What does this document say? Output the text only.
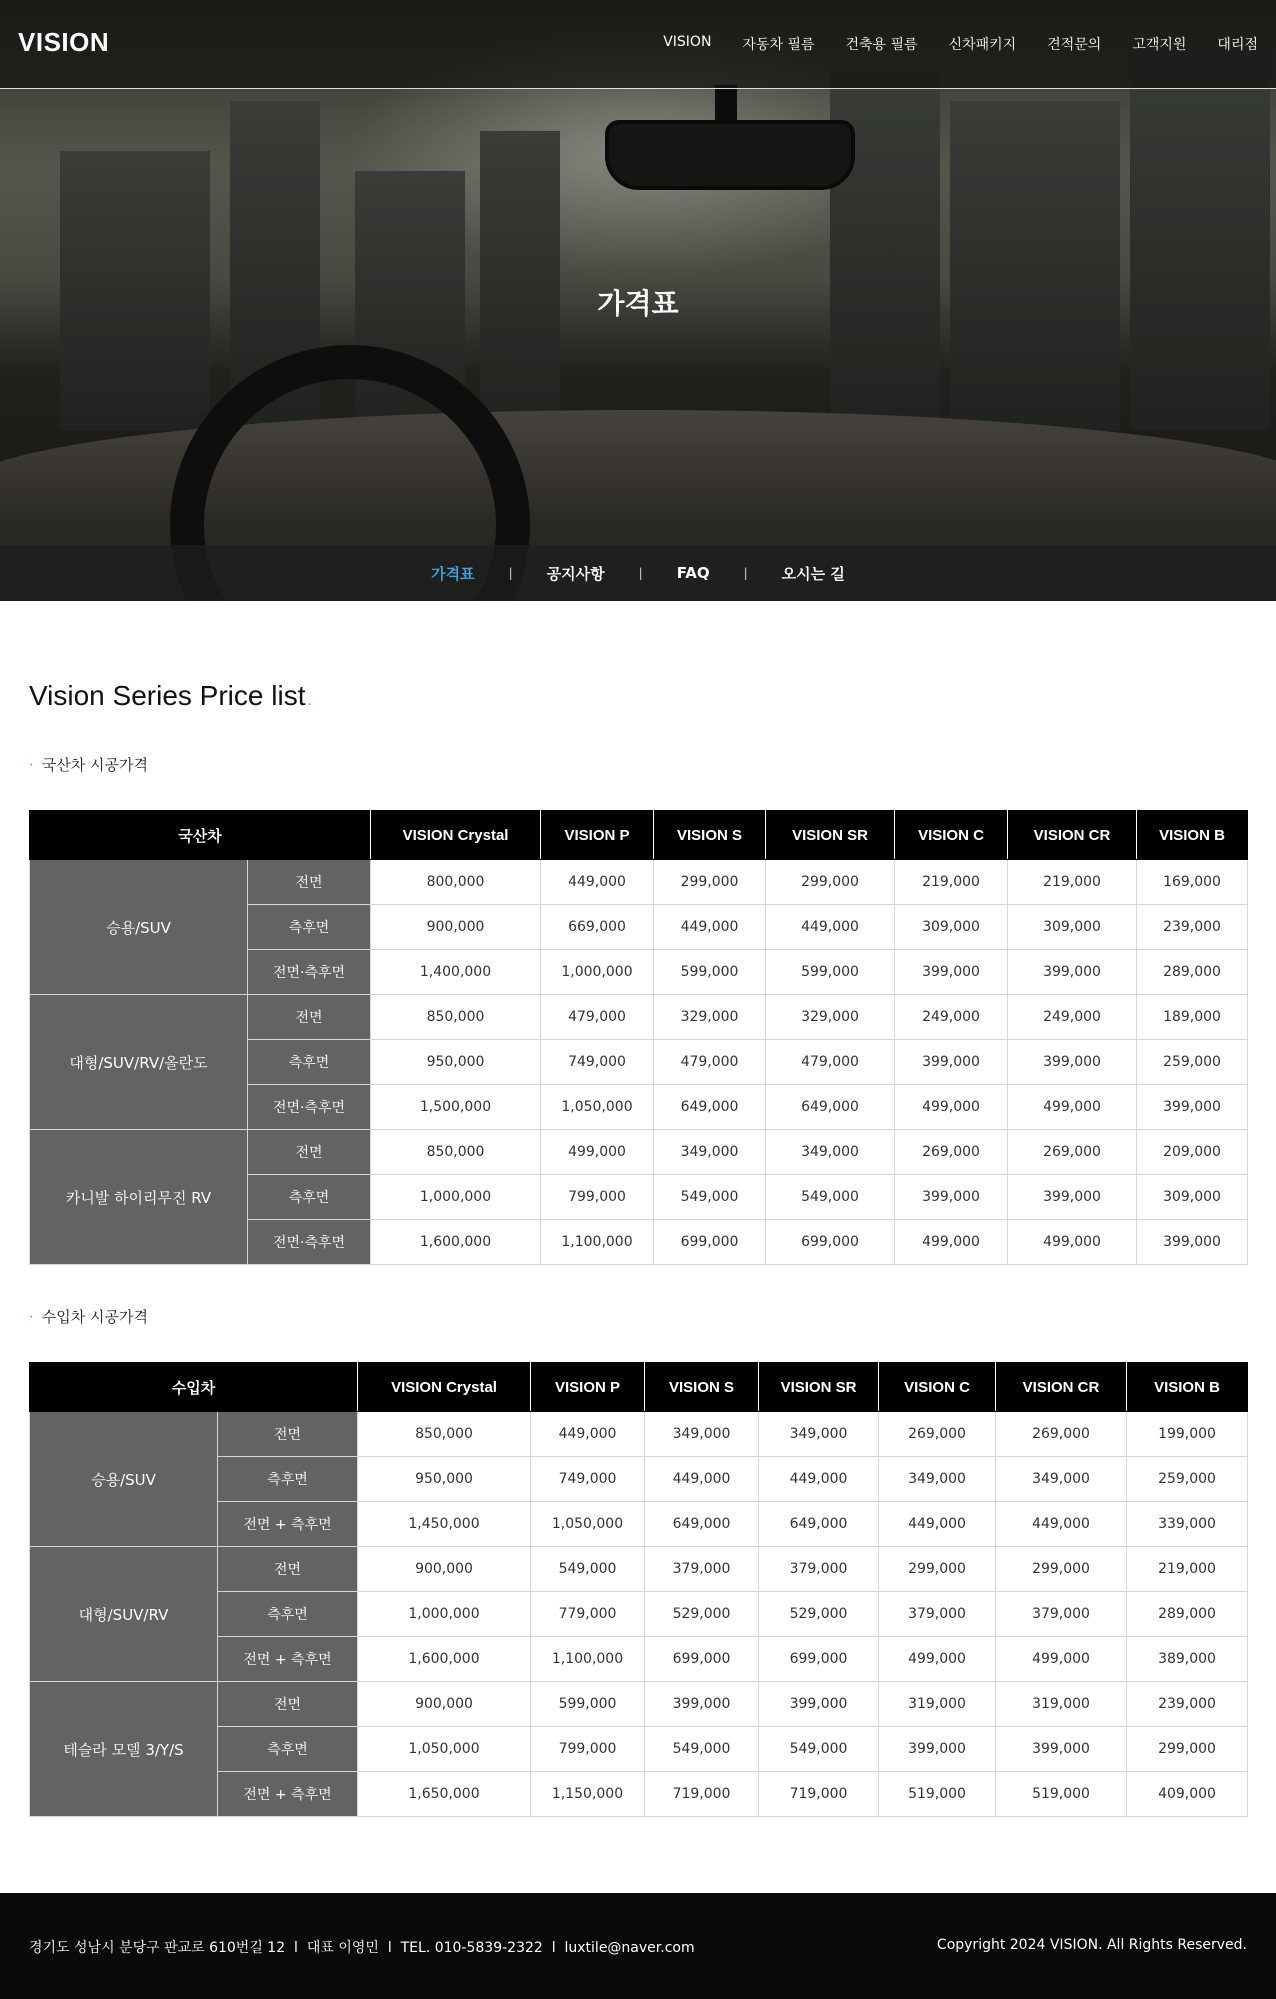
VISION	VISION 자동차 필름 건축용 필름 신차패키지 견적문의 고객지원 대리점
가격표
가격표	|	공지사항	|	FAQ	|	오시는 길
Vision Series Price list .
· 국산차 시공가격
국산차		VISION Crystal	VISION P	VISION S	VISION SR	VISION C	VISION CR	VISION B
승용/SUV	전면	800,000	449,000	299,000	299,000	219,000	219,000	169,000
	측후면	900,000	669,000	449,000	449,000	309,000	309,000	239,000
	전면·측후면	1,400,000	1,000,000	599,000	599,000	399,000	399,000	289,000
대형/SUV/RV/올란도	전면	850,000	479,000	329,000	329,000	249,000	249,000	189,000
	측후면	950,000	749,000	479,000	479,000	399,000	399,000	259,000
	전면·측후면	1,500,000	1,050,000	649,000	649,000	499,000	499,000	399,000
카니발 하이리무진 RV	전면	850,000	499,000	349,000	349,000	269,000	269,000	209,000
	측후면	1,000,000	799,000	549,000	549,000	399,000	399,000	309,000
	전면·측후면	1,600,000	1,100,000	699,000	699,000	499,000	499,000	399,000
· 수입차 시공가격
수입차		VISION Crystal	VISION P	VISION S	VISION SR	VISION C	VISION CR	VISION B
승용/SUV	전면	850,000	449,000	349,000	349,000	269,000	269,000	199,000
	측후면	950,000	749,000	449,000	449,000	349,000	349,000	259,000
	전면 + 측후면	1,450,000	1,050,000	649,000	649,000	449,000	449,000	339,000
대형/SUV/RV	전면	900,000	549,000	379,000	379,000	299,000	299,000	219,000
	측후면	1,000,000	779,000	529,000	529,000	379,000	379,000	289,000
	전면 + 측후면	1,600,000	1,100,000	699,000	699,000	499,000	499,000	389,000
테슬라 모델 3/Y/S	전면	900,000	599,000	399,000	399,000	319,000	319,000	239,000
	측후면	1,050,000	799,000	549,000	549,000	399,000	399,000	299,000
	전면 + 측후면	1,650,000	1,150,000	719,000	719,000	519,000	519,000	409,000
경기도 성남시 분당구 판교로 610번길 12 l 대표 이영민 l TEL. 010-5839-2322 l luxtile@naver.com	Copyright 2024 VISION. All Rights Reserved.
